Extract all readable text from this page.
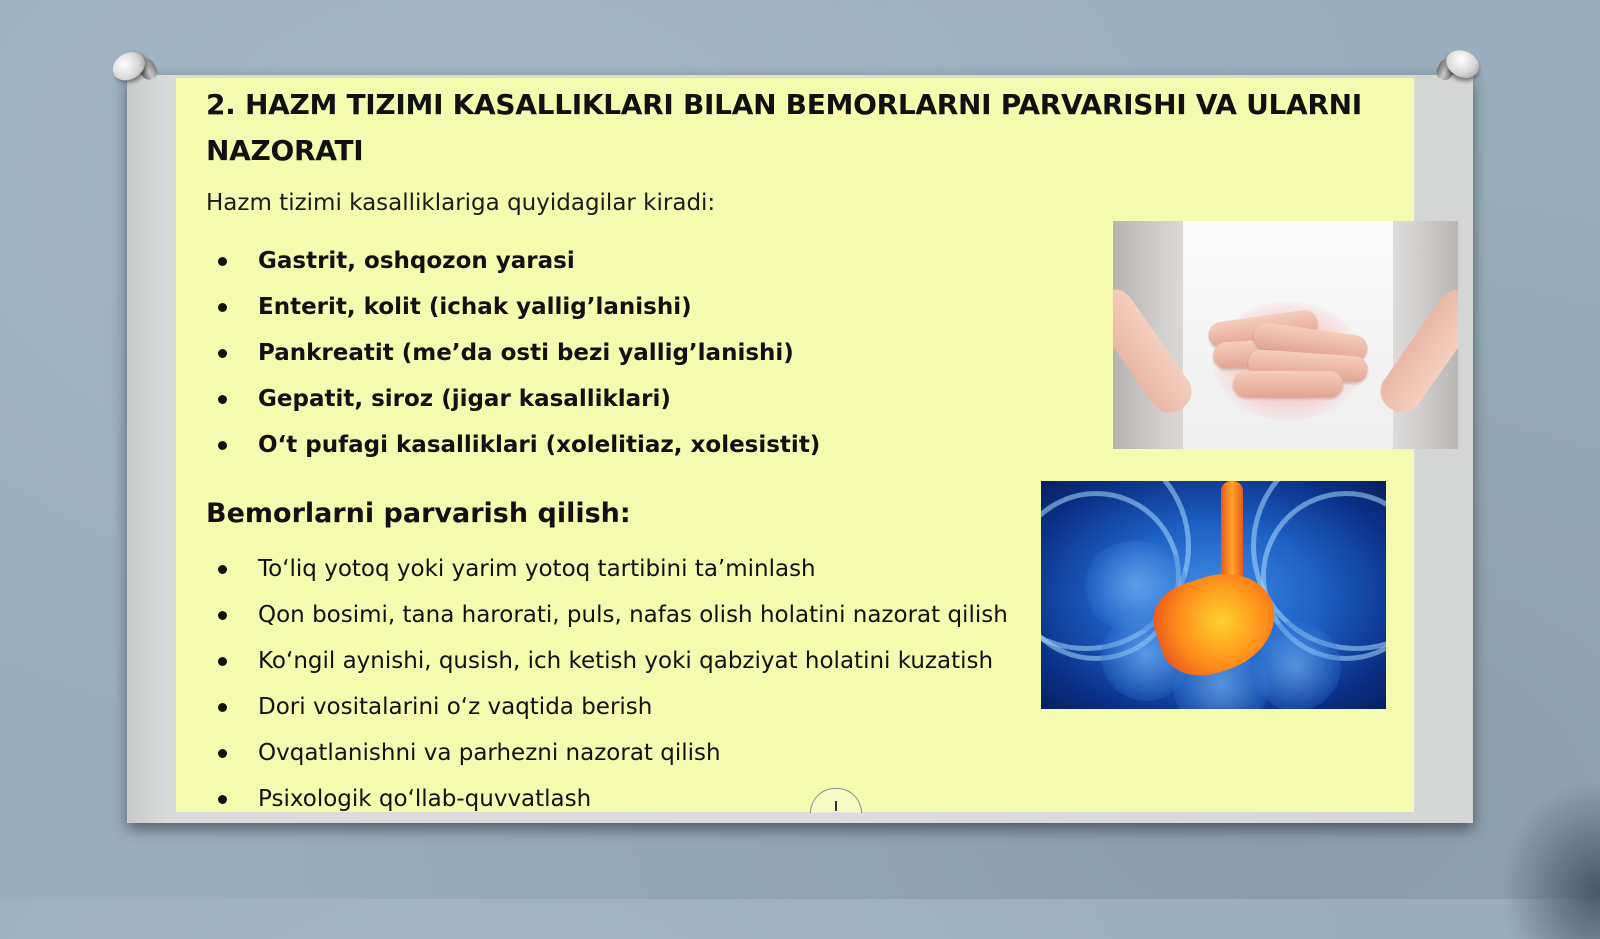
2. HAZM TIZIMI KASALLIKLARI BILAN BEMORLARNI PARVARISHI VA ULARNI NAZORATI
Hazm tizimi kasalliklariga quyidagilar kiradi:
Gastrit, oshqozon yarasi
Enterit, kolit (ichak yallig’lanishi)
Pankreatit (me’da osti bezi yallig’lanishi)
Gepatit, siroz (jigar kasalliklari)
O‘t pufagi kasalliklari (xolelitiaz, xolesistit)
Bemorlarni parvarish qilish:
To‘liq yotoq yoki yarim yotoq tartibini ta’minlash
Qon bosimi, tana harorati, puls, nafas olish holatini nazorat qilish
Ko‘ngil aynishi, qusish, ich ketish yoki qabziyat holatini kuzatish
Dori vositalarini o‘z vaqtida berish
Ovqatlanishni va parhezni nazorat qilish
Psixologik qo‘llab-quvvatlash
